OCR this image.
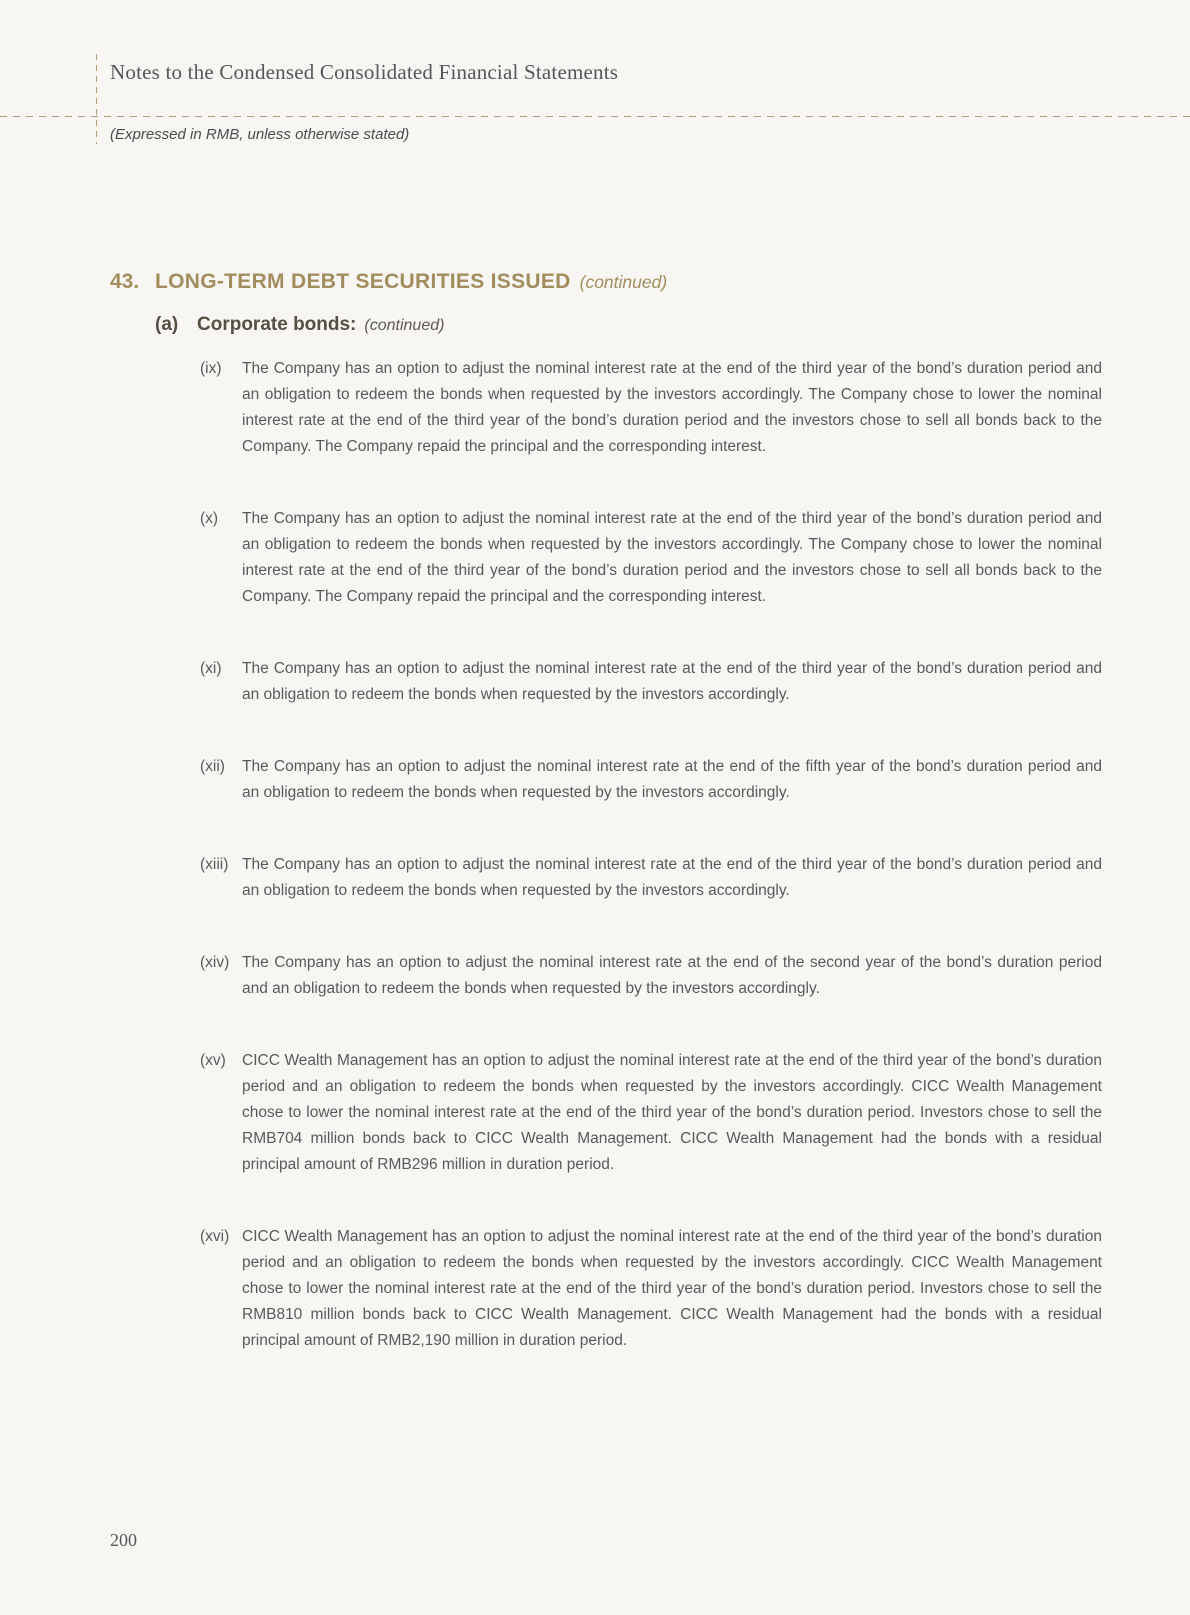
Notes to the Condensed Consolidated Financial Statements
(Expressed in RMB, unless otherwise stated)
43. LONG-TERM DEBT SECURITIES ISSUED (continued)
(a) Corporate bonds: (continued)
(ix)	The Company has an option to adjust the nominal interest rate at the end of the third year of the bond’s duration period and an obligation to redeem the bonds when requested by the investors accordingly. The Company chose to lower the nominal interest rate at the end of the third year of the bond’s duration period and the investors chose to sell all bonds back to the Company. The Company repaid the principal and the corresponding interest.
(x)	The Company has an option to adjust the nominal interest rate at the end of the third year of the bond’s duration period and an obligation to redeem the bonds when requested by the investors accordingly. The Company chose to lower the nominal interest rate at the end of the third year of the bond’s duration period and the investors chose to sell all bonds back to the Company. The Company repaid the principal and the corresponding interest.
(xi)	The Company has an option to adjust the nominal interest rate at the end of the third year of the bond’s duration period and an obligation to redeem the bonds when requested by the investors accordingly.
(xii)	The Company has an option to adjust the nominal interest rate at the end of the fifth year of the bond’s duration period and an obligation to redeem the bonds when requested by the investors accordingly.
(xiii) The Company has an option to adjust the nominal interest rate at the end of the third year of the bond’s duration period and an obligation to redeem the bonds when requested by the investors accordingly.
(xiv) The Company has an option to adjust the nominal interest rate at the end of the second year of the bond’s duration period and an obligation to redeem the bonds when requested by the investors accordingly.
(xv)	CICC Wealth Management has an option to adjust the nominal interest rate at the end of the third year of the bond’s duration period and an obligation to redeem the bonds when requested by the investors accordingly. CICC Wealth Management chose to lower the nominal interest rate at the end of the third year of the bond’s duration period. Investors chose to sell the RMB704 million bonds back to CICC Wealth Management. CICC Wealth Management had the bonds with a residual principal amount of RMB296 million in duration period.
(xvi) CICC Wealth Management has an option to adjust the nominal interest rate at the end of the third year of the bond’s duration period and an obligation to redeem the bonds when requested by the investors accordingly. CICC Wealth Management chose to lower the nominal interest rate at the end of the third year of the bond’s duration period. Investors chose to sell the RMB810 million bonds back to CICC Wealth Management. CICC Wealth Management had the bonds with a residual principal amount of RMB2,190 million in duration period.
200
